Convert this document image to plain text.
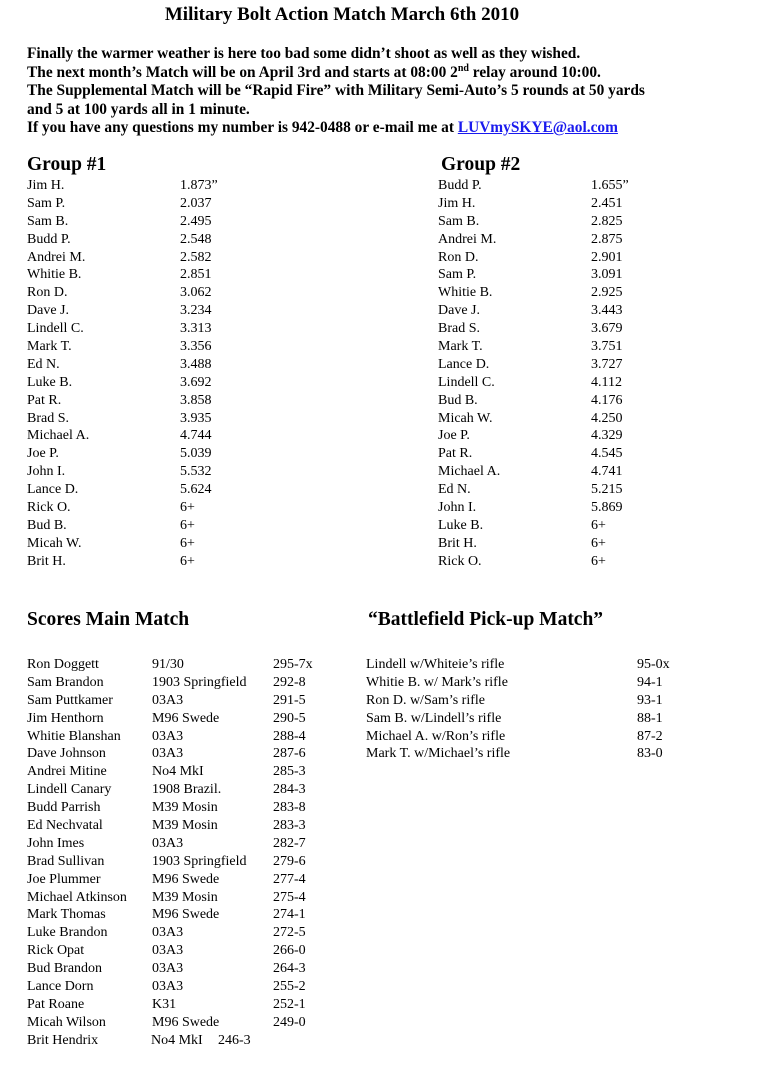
Military Bolt Action Match March 6th 2010
Finally the warmer weather is here too bad some didn’t shoot as well as they wished.
The next month’s Match will be on April 3rd and starts at 08:00 2nd relay around 10:00.
The Supplemental Match will be “Rapid Fire” with Military Semi-Auto’s 5 rounds at 50 yards
and 5 at 100 yards all in 1 minute.
If you have any questions my number is 942-0488 or e-mail me at LUVmySKYE@aol.com
Group #1
Jim H.	1.873”
Sam P.	2.037
Sam B.	2.495
Budd P.	2.548
Andrei M.	2.582
Whitie B.	2.851
Ron D.	3.062
Dave J.	3.234
Lindell C.	3.313
Mark T.	3.356
Ed N.	3.488
Luke B.	3.692
Pat R.	3.858
Brad S.	3.935
Michael A.	4.744
Joe P.	5.039
John I.	5.532
Lance D.	5.624
Rick O.	6+
Bud B.	6+
Micah W.	6+
Brit H.	6+
Group #2
Budd P.	1.655”
Jim H.	2.451
Sam B.	2.825
Andrei M.	2.875
Ron D.	2.901
Sam P.	3.091
Whitie B.	2.925
Dave J.	3.443
Brad S.	3.679
Mark T.	3.751
Lance D.	3.727
Lindell C.	4.112
Bud B.	4.176
Micah W.	4.250
Joe P.	4.329
Pat R.	4.545
Michael A.	4.741
Ed N.	5.215
John I.	5.869
Luke B.	6+
Brit H.	6+
Rick O.	6+
Scores Main Match
Ron Doggett	91/30	295-7x
Sam Brandon	1903 Springfield 292-8
Sam Puttkamer	03A3	291-5
Jim Henthorn	M96 Swede	290-5
Whitie Blanshan 03A3	288-4
Dave Johnson	03A3	287-6
Andrei Mitine	No4 MkI	285-3
Lindell Canary	1908 Brazil.	284-3
Budd Parrish	M39 Mosin	283-8
Ed Nechvatal	M39 Mosin	283-3
John Imes	03A3	282-7
Brad Sullivan	1903 Springfield 279-6
Joe Plummer	M96 Swede	277-4
Michael Atkinson M39 Mosin	275-4
Mark Thomas	M96 Swede	274-1
Luke Brandon	03A3	272-5
Rick Opat	03A3	266-0
Bud Brandon	03A3	264-3
Lance Dorn	03A3	255-2
Pat Roane	K31	252-1
Micah Wilson	M96 Swede	249-0
Brit Hendrix	No4 MkI 246-3
“Battlefield Pick-up Match”
Lindell w/Whiteie’s rifle	95-0x
Whitie B. w/ Mark’s rifle	94-1
Ron D. w/Sam’s rifle	93-1
Sam B. w/Lindell’s rifle	88-1
Michael A. w/Ron’s rifle	87-2
Mark T. w/Michael’s rifle	83-0
